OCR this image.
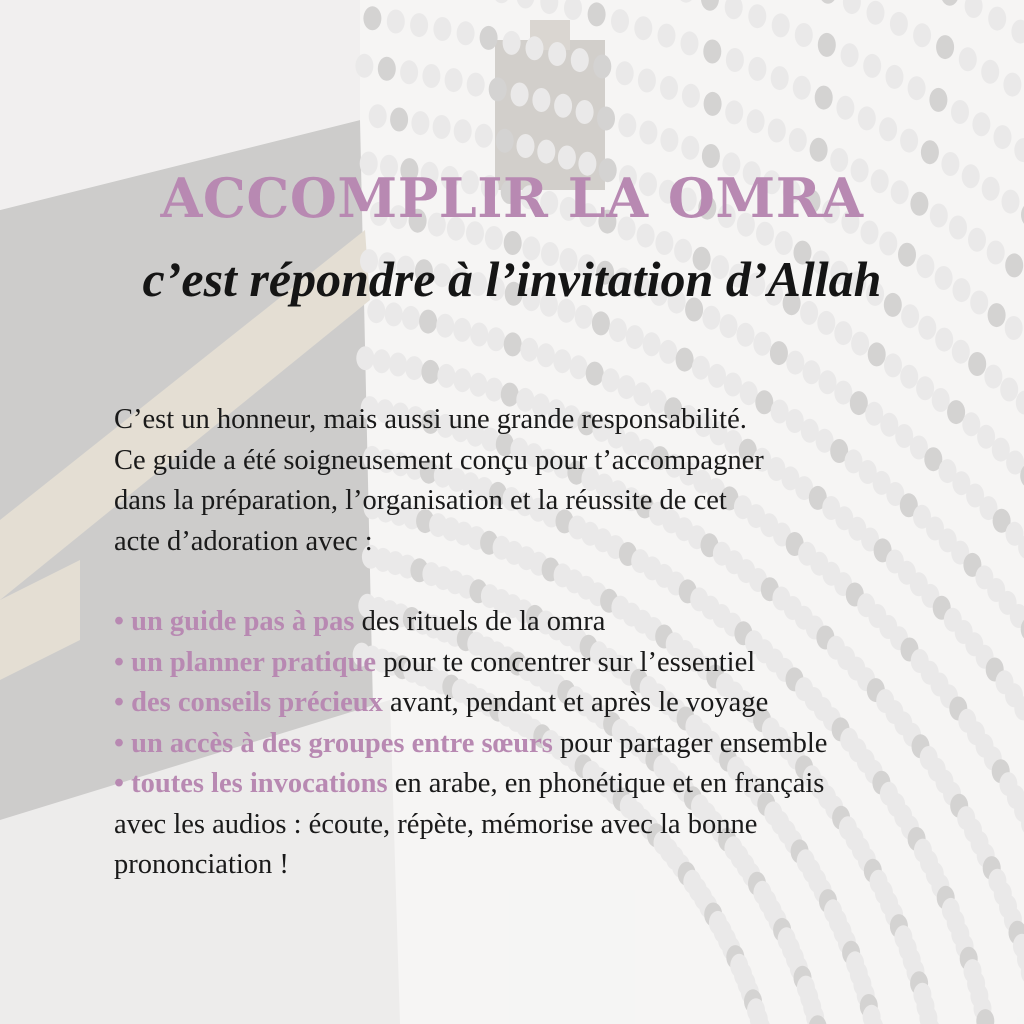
ACCOMPLIR LA OMRA
c’est répondre à l’invitation d’Allah
C’est un honneur, mais aussi une grande responsabilité.
Ce guide a été soigneusement conçu pour t’accompagner
dans la préparation, l’organisation et la réussite de cet
acte d’adoration avec :
• un guide pas à pas des rituels de la omra
• un planner pratique pour te concentrer sur l’essentiel
• des conseils précieux avant, pendant et après le voyage
• un accès à des groupes entre sœurs pour partager ensemble
• toutes les invocations en arabe, en phonétique et en français
avec les audios : écoute, répète, mémorise avec la bonne
prononciation !
